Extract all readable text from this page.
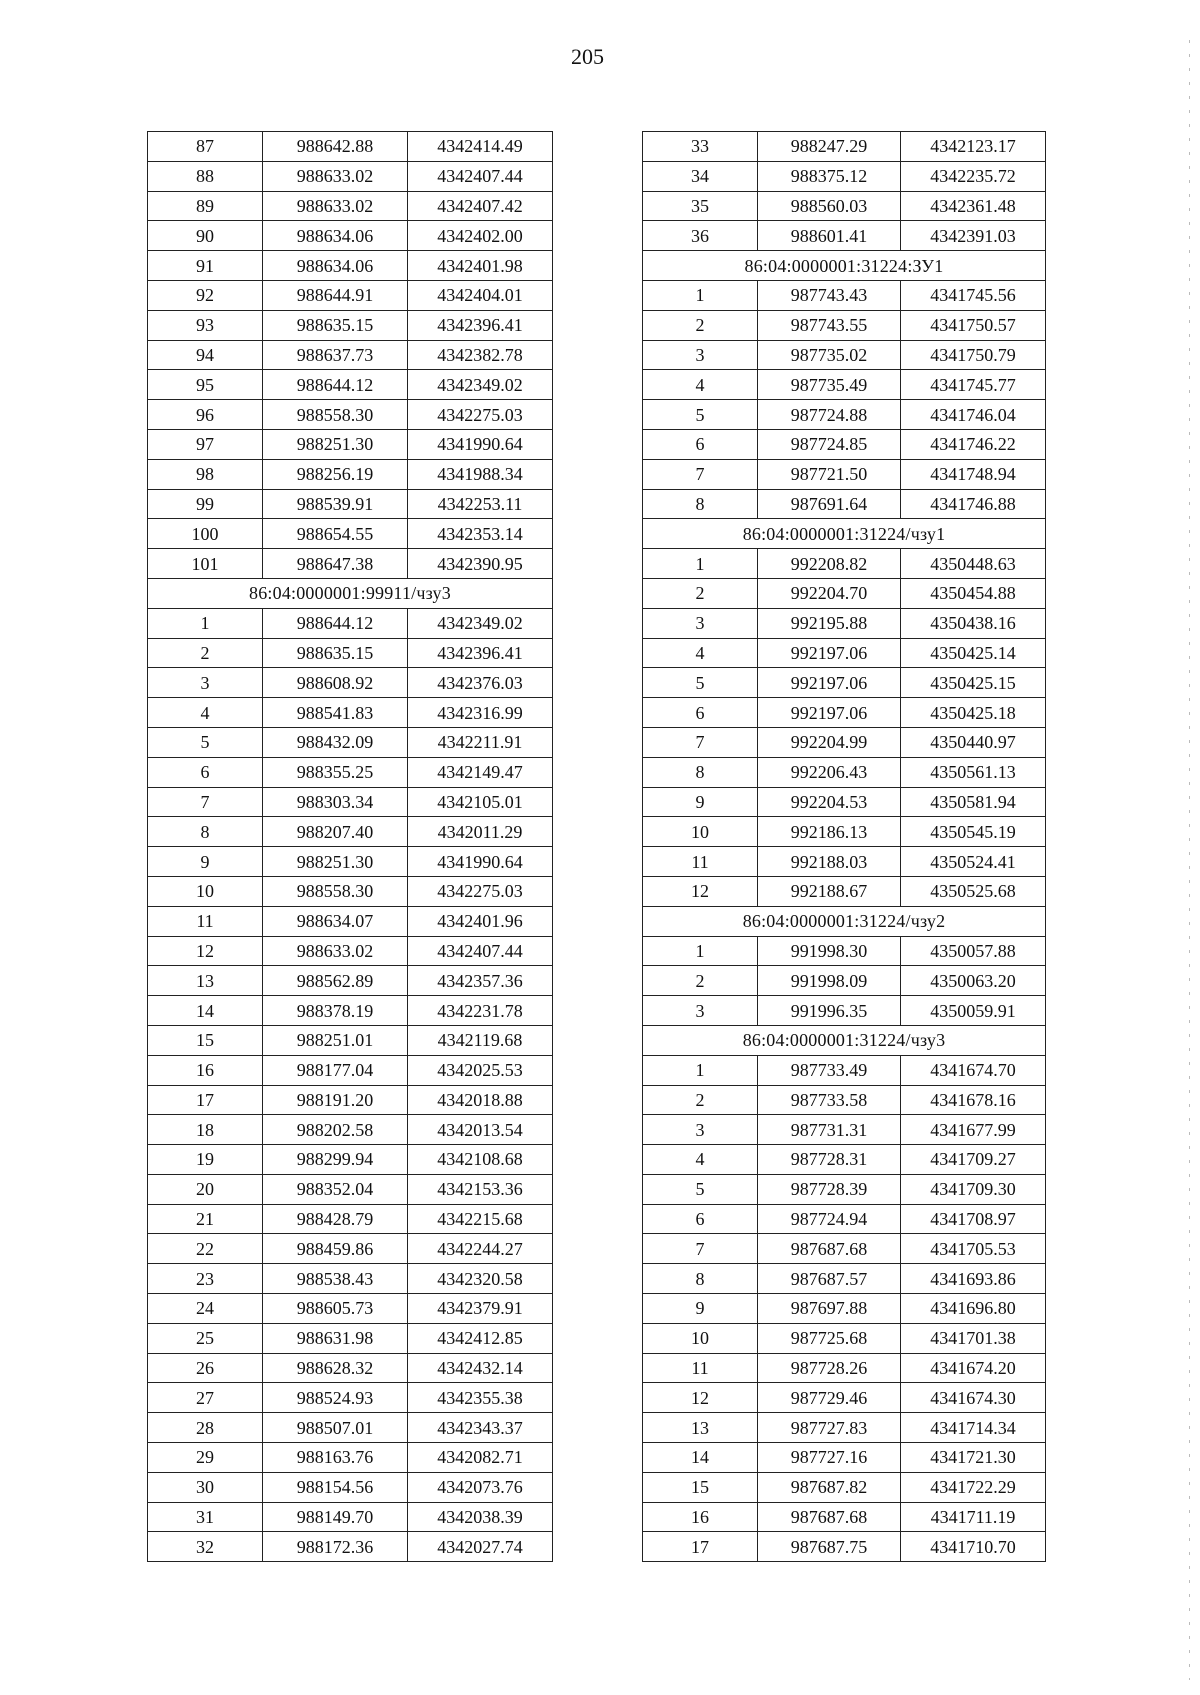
205
87	988642.88	4342414.49
88	988633.02	4342407.44
89	988633.02	4342407.42
90	988634.06	4342402.00
91	988634.06	4342401.98
92	988644.91	4342404.01
93	988635.15	4342396.41
94	988637.73	4342382.78
95	988644.12	4342349.02
96	988558.30	4342275.03
97	988251.30	4341990.64
98	988256.19	4341988.34
99	988539.91	4342253.11
100	988654.55	4342353.14
101	988647.38	4342390.95
86:04:0000001:99911/чзу3		
1	988644.12	4342349.02
2	988635.15	4342396.41
3	988608.92	4342376.03
4	988541.83	4342316.99
5	988432.09	4342211.91
6	988355.25	4342149.47
7	988303.34	4342105.01
8	988207.40	4342011.29
9	988251.30	4341990.64
10	988558.30	4342275.03
11	988634.07	4342401.96
12	988633.02	4342407.44
13	988562.89	4342357.36
14	988378.19	4342231.78
15	988251.01	4342119.68
16	988177.04	4342025.53
17	988191.20	4342018.88
18	988202.58	4342013.54
19	988299.94	4342108.68
20	988352.04	4342153.36
21	988428.79	4342215.68
22	988459.86	4342244.27
23	988538.43	4342320.58
24	988605.73	4342379.91
25	988631.98	4342412.85
26	988628.32	4342432.14
27	988524.93	4342355.38
28	988507.01	4342343.37
29	988163.76	4342082.71
30	988154.56	4342073.76
31	988149.70	4342038.39
32	988172.36	4342027.74
33	988247.29	4342123.17
34	988375.12	4342235.72
35	988560.03	4342361.48
36	988601.41	4342391.03
86:04:0000001:31224:ЗУ1		
1	987743.43	4341745.56
2	987743.55	4341750.57
3	987735.02	4341750.79
4	987735.49	4341745.77
5	987724.88	4341746.04
6	987724.85	4341746.22
7	987721.50	4341748.94
8	987691.64	4341746.88
86:04:0000001:31224/чзу1		
1	992208.82	4350448.63
2	992204.70	4350454.88
3	992195.88	4350438.16
4	992197.06	4350425.14
5	992197.06	4350425.15
6	992197.06	4350425.18
7	992204.99	4350440.97
8	992206.43	4350561.13
9	992204.53	4350581.94
10	992186.13	4350545.19
11	992188.03	4350524.41
12	992188.67	4350525.68
86:04:0000001:31224/чзу2		
1	991998.30	4350057.88
2	991998.09	4350063.20
3	991996.35	4350059.91
86:04:0000001:31224/чзу3		
1	987733.49	4341674.70
2	987733.58	4341678.16
3	987731.31	4341677.99
4	987728.31	4341709.27
5	987728.39	4341709.30
6	987724.94	4341708.97
7	987687.68	4341705.53
8	987687.57	4341693.86
9	987697.88	4341696.80
10	987725.68	4341701.38
11	987728.26	4341674.20
12	987729.46	4341674.30
13	987727.83	4341714.34
14	987727.16	4341721.30
15	987687.82	4341722.29
16	987687.68	4341711.19
17	987687.75	4341710.70
